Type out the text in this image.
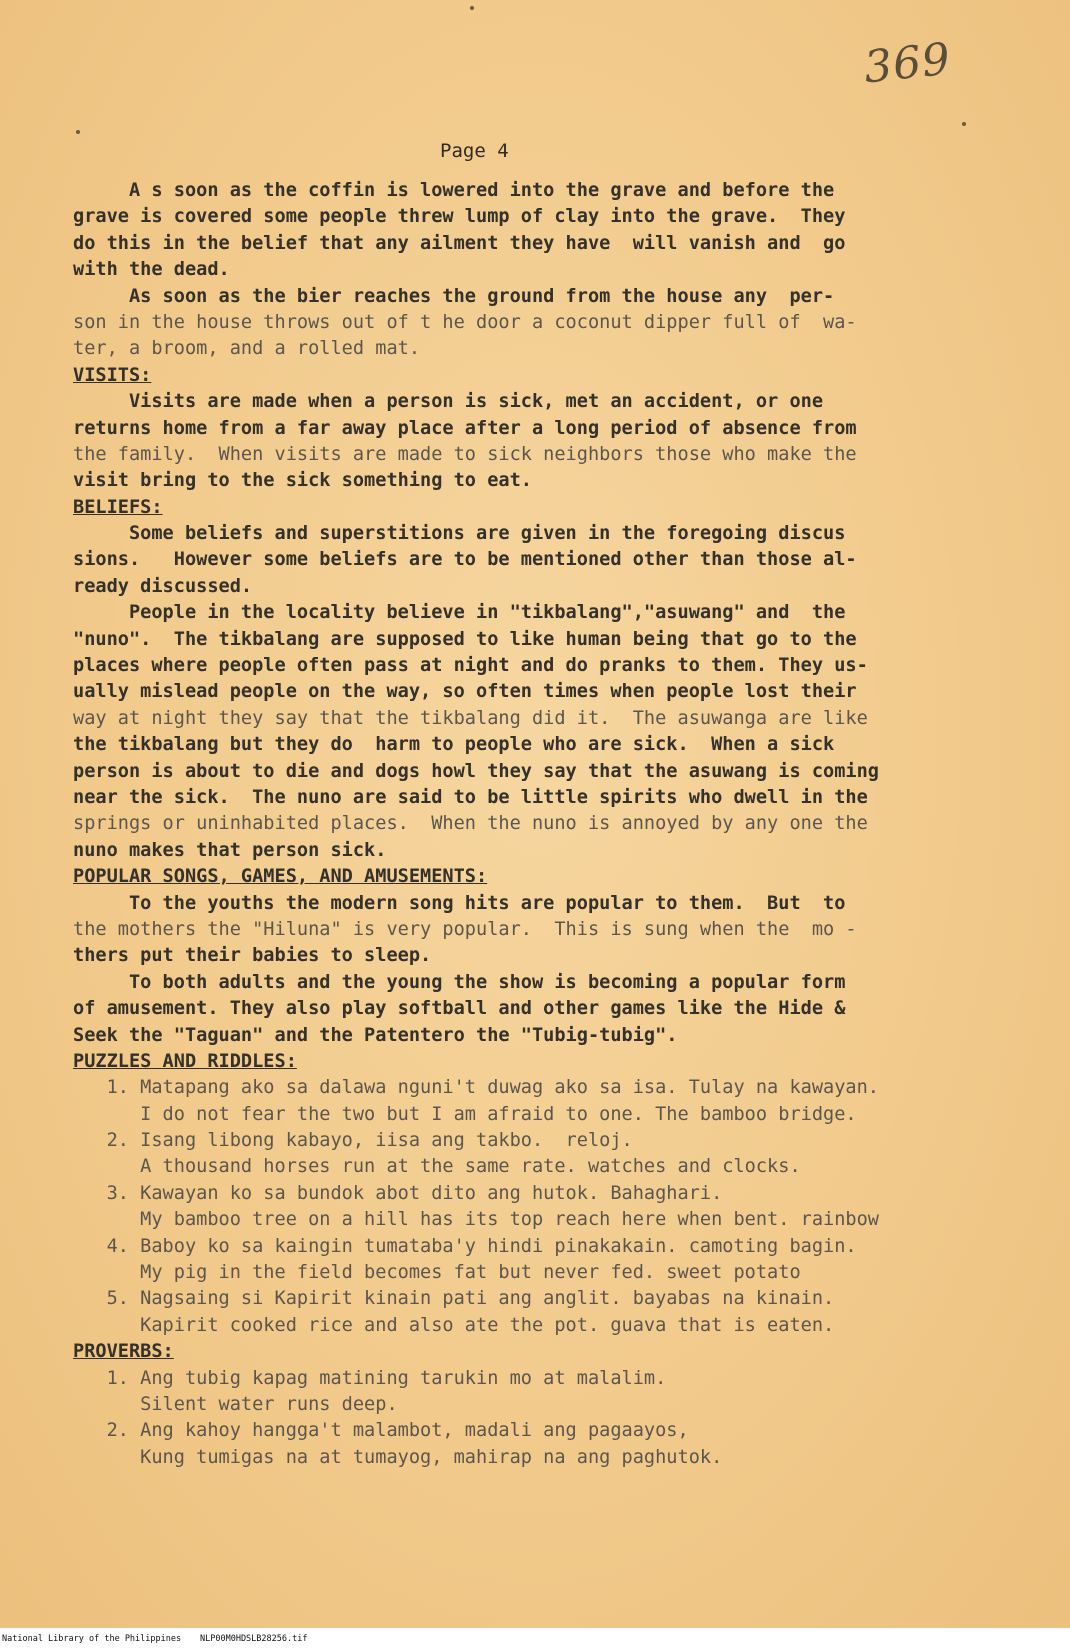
369
Page 4
A s soon as the coffin is lowered into the grave and before the
grave is covered some people threw lump of clay into the grave.  They
do this in the belief that any ailment they have  will vanish and  go
with the dead.
As soon as the bier reaches the ground from the house any  per-
son in the house throws out of t he door a coconut dipper full of  wa-
ter, a broom, and a rolled mat.
VISITS:
Visits are made when a person is sick, met an accident, or one
returns home from a far away place after a long period of absence from
the family.  When visits are made to sick neighbors those who make the
visit bring to the sick something to eat.
BELIEFS:
Some beliefs and superstitions are given in the foregoing discus
sions.   However some beliefs are to be mentioned other than those al-
ready discussed.
People in the locality believe in "tikbalang","asuwang" and  the
"nuno".  The tikbalang are supposed to like human being that go to the
places where people often pass at night and do pranks to them. They us-
ually mislead people on the way, so often times when people lost their
way at night they say that the tikbalang did it.  The asuwanga are like
the tikbalang but they do  harm to people who are sick.  When a sick
person is about to die and dogs howl they say that the asuwang is coming
near the sick.  The nuno are said to be little spirits who dwell in the
springs or uninhabited places.  When the nuno is annoyed by any one the
nuno makes that person sick.
POPULAR SONGS, GAMES, AND AMUSEMENTS:
To the youths the modern song hits are popular to them.  But  to
the mothers the "Hiluna" is very popular.  This is sung when the  mo -
thers put their babies to sleep.
To both adults and the young the show is becoming a popular form
of amusement. They also play softball and other games like the Hide &
Seek the "Taguan" and the Patentero the "Tubig-tubig".
PUZZLES AND RIDDLES:
1. Matapang ako sa dalawa nguni't duwag ako sa isa. Tulay na kawayan.
I do not fear the two but I am afraid to one. The bamboo bridge.
2. Isang libong kabayo, iisa ang takbo.  reloj.
A thousand horses run at the same rate. watches and clocks.
3. Kawayan ko sa bundok abot dito ang hutok. Bahaghari.
My bamboo tree on a hill has its top reach here when bent. rainbow
4. Baboy ko sa kaingin tumataba'y hindi pinakakain. camoting bagin.
My pig in the field becomes fat but never fed. sweet potato
5. Nagsaing si Kapirit kinain pati ang anglit. bayabas na kinain.
Kapirit cooked rice and also ate the pot. guava that is eaten.
PROVERBS:
1. Ang tubig kapag matining tarukin mo at malalim.
Silent water runs deep.
2. Ang kahoy hangga't malambot, madali ang pagaayos,
Kung tumigas na at tumayog, mahirap na ang paghutok.
National Library of the Philippines NLP00M0HDSLB28256.tif
